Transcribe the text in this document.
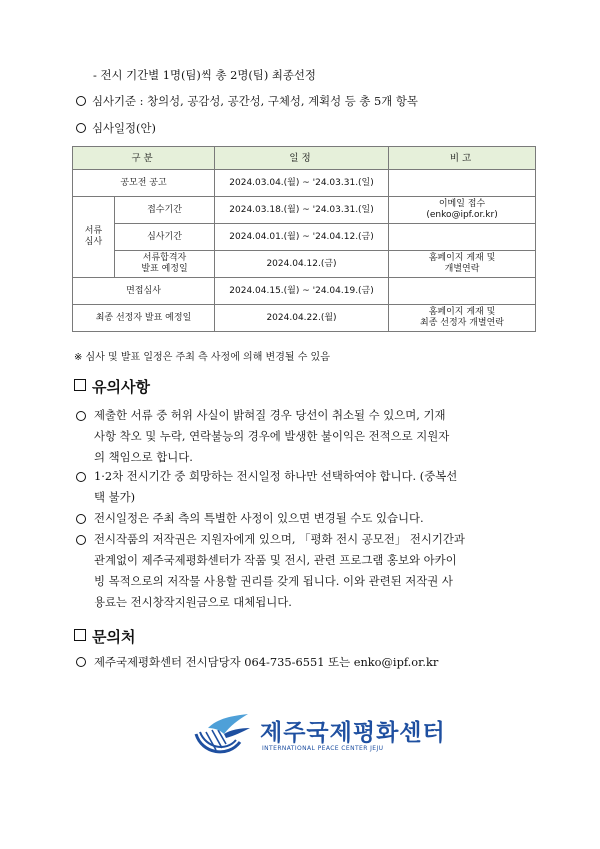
- 전시 기간별 1명(팀)씩 총 2명(팀) 최종선정
심사기준 : 창의성, 공감성, 공간성, 구체성, 계획성 등 총 5개 항목
심사일정(안)
구분		일정	비고
공모전 공고		2024.03.04.(월) ~ '24.03.31.(일)	

서류
심사	접수기간	2024.03.18.(월) ~ '24.03.31.(일)	이메일 접수
(enko@ipf.or.kr)

	심사기간	2024.04.01.(월) ~ '24.04.12.(금)	

	서류합격자
발표 예정일	2024.04.12.(금)	홈페이지 게재 및
개별연락

면접심사		2024.04.15.(월) ~ '24.04.19.(금)	
최종 선정자 발표 예정일		2024.04.22.(월)	홈페이지 게재 및
최종 선정자 개별연락
※ 심사 및 발표 일정은 주최 측 사정에 의해 변경될 수 있음
유의사항
제출한 서류 중 허위 사실이 밝혀질 경우 당선이 취소될 수 있으며, 기재
사항 착오 및 누락, 연락불능의 경우에 발생한 불이익은 전적으로 지원자
의 책임으로 합니다.
1·2차 전시기간 중 희망하는 전시일정 하나만 선택하여야 합니다. (중복선
택 불가)
전시일정은 주최 측의 특별한 사정이 있으면 변경될 수도 있습니다.
전시작품의 저작권은 지원자에게 있으며, 「평화 전시 공모전」 전시기간과
관계없이 제주국제평화센터가 작품 및 전시, 관련 프로그램 홍보와 아카이
빙 목적으로의 저작물 사용할 권리를 갖게 됩니다. 이와 관련된 저작권 사
용료는 전시창작지원금으로 대체됩니다.
문의처
제주국제평화센터 전시담당자 064-735-6551 또는 enko@ipf.or.kr
제주국제평화센터
INTERNATIONAL PEACE CENTER JEJU
